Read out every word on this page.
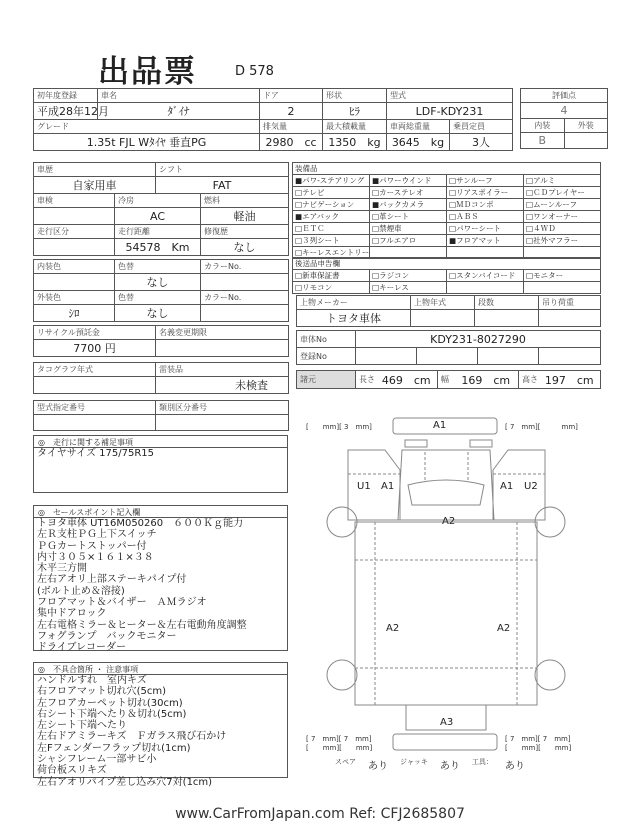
出品票	D 578
初年度登録	車名	ドア	形状	型式	
平成28年12月	ﾀﾞｲﾅ	2	ﾋﾗ	LDF-KDY231	
グレード		排気量	最大積載量	車両総重量	乗員定員
1.35t FJL Wﾀｲﾔ 垂直PG		2980　cc	1350　kg	3645　kg	3人
評価点	
4	
内装	外装
B	
車歴		シフト	
自家用車		FAT	
車検	冷房		燃料
	AC		軽油
走行区分	走行距離		修復歴
	54578　Km		なし
内装色	色替	カラーNo.
	なし	
外装色	色替	カラーNo.
ｼﾛ	なし	
リサイクル預託金	名義変更期限
7700 円	
タコグラフ年式	雷装品
	未検査
型式指定番号	類別区分番号

◎　走行に関する補足事項
タイヤサイズ 175/75R15
◎　セールスポイント記入欄
トヨタ車体 UT16M050260　６００Ｋｇ能力
左Ｒ支柱ＰＧ上下スイッチ
ＰＧカートストッパー付
内寸３０５×１６１×３８
木平三方開
左右アオリ上部ステーキパイプ付
(ボルト止め＆溶接)
フロアマット＆バイザー　ＡＭラジオ
集中ドアロック
左右電格ミラー＆ヒーター＆左右電動角度調整
フォグランプ　バックモニター
ドライブレコーダー
◎　不具合箇所 ・ 注意事項
ハンドルすれ　室内キズ
右フロアマット切れ穴(5cm)
左フロアカーペット切れ(30cm)
右シート下端へたり＆切れ(5cm)
左シート下端へたり
左右ドアミラーキズ　Ｆガラス飛び石かけ
左Fフェンダーフラップ切れ(1cm)
シャシフレーム一部サビ小
荷台板スリキズ
左右アオリパイプ差し込み穴7対(1cm)
装備品			
■パワ-ステアリング	■パワーウインド	□サンルーフ	□アルミ
□テレビ	□カーステレオ	□リアスポイラー	□ＣＤプレイヤー
□ナビゲーション	■バックカメラ	□ＭＤコンポ	□ムーンルーフ
■エアバック	□革シート	□ＡＢＳ	□ワンオーナー
□ＥＴＣ	□禁煙車	□パワーシート	□４ＷＤ
□３列シート	□フルエアロ	■フロアマット	□社外マフラー
□キーレスエントリー			
後送品申告欄			
□新車保証書	□ラジコン	□スタンバイコード	□モニター
□リモコン	□キーレス		
上物メーカー	上物年式	段数	吊り荷重
トヨタ車体			
車体No	KDY231-8027290			
登録No				
諸元	長さ	469　cm	幅	169　cm	高さ	197　cm
[　　mm][ 3　mm]	[ 7　mm][　　　mm]
[ 7　mm][ 7　mm]
[　　mm][　　mm]
[ 7　mm][ 7　mm]
[　　mm][　　mm]
A1
U1 A1	A1 U2
A2
A2	A2
A3
スペア あり ジャッキ あり 工具： あり
www.CarFromJapan.com Ref: CFJ2685807
